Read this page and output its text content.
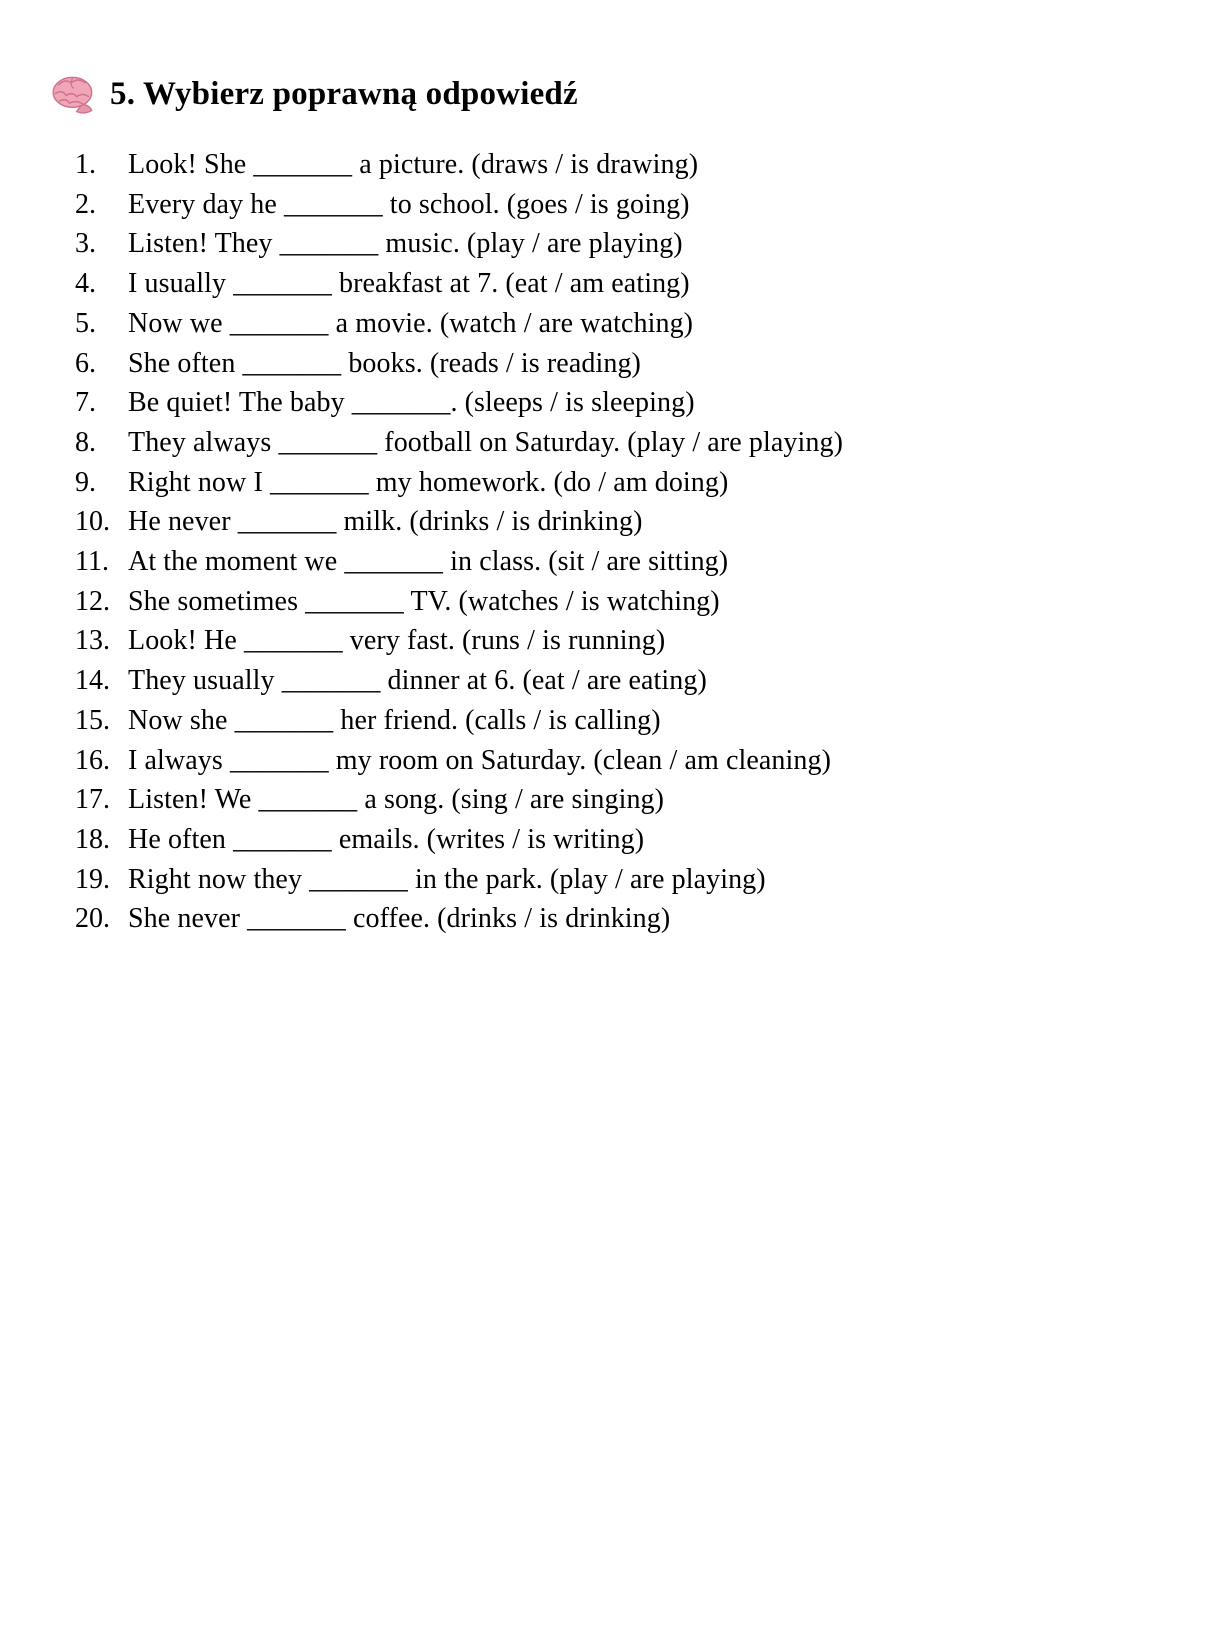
5. Wybierz poprawną odpowiedź
1.	Look! She _______ a picture. (draws / is drawing)
2.	Every day he _______ to school. (goes / is going)
3.	Listen! They _______ music. (play / are playing)
4.	I usually _______ breakfast at 7. (eat / am eating)
5.	Now we _______ a movie. (watch / are watching)
6.	She often _______ books. (reads / is reading)
7.	Be quiet! The baby _______. (sleeps / is sleeping)
8.	They always _______ football on Saturday. (play / are playing)
9.	Right now I _______ my homework. (do / am doing)
10. He never _______ milk. (drinks / is drinking)
11. At the moment we _______ in class. (sit / are sitting)
12. She sometimes _______ TV. (watches / is watching)
13. Look! He _______ very fast. (runs / is running)
14. They usually _______ dinner at 6. (eat / are eating)
15. Now she _______ her friend. (calls / is calling)
16. I always _______ my room on Saturday. (clean / am cleaning)
17. Listen! We _______ a song. (sing / are singing)
18. He often _______ emails. (writes / is writing)
19. Right now they _______ in the park. (play / are playing)
20. She never _______ coffee. (drinks / is drinking)
